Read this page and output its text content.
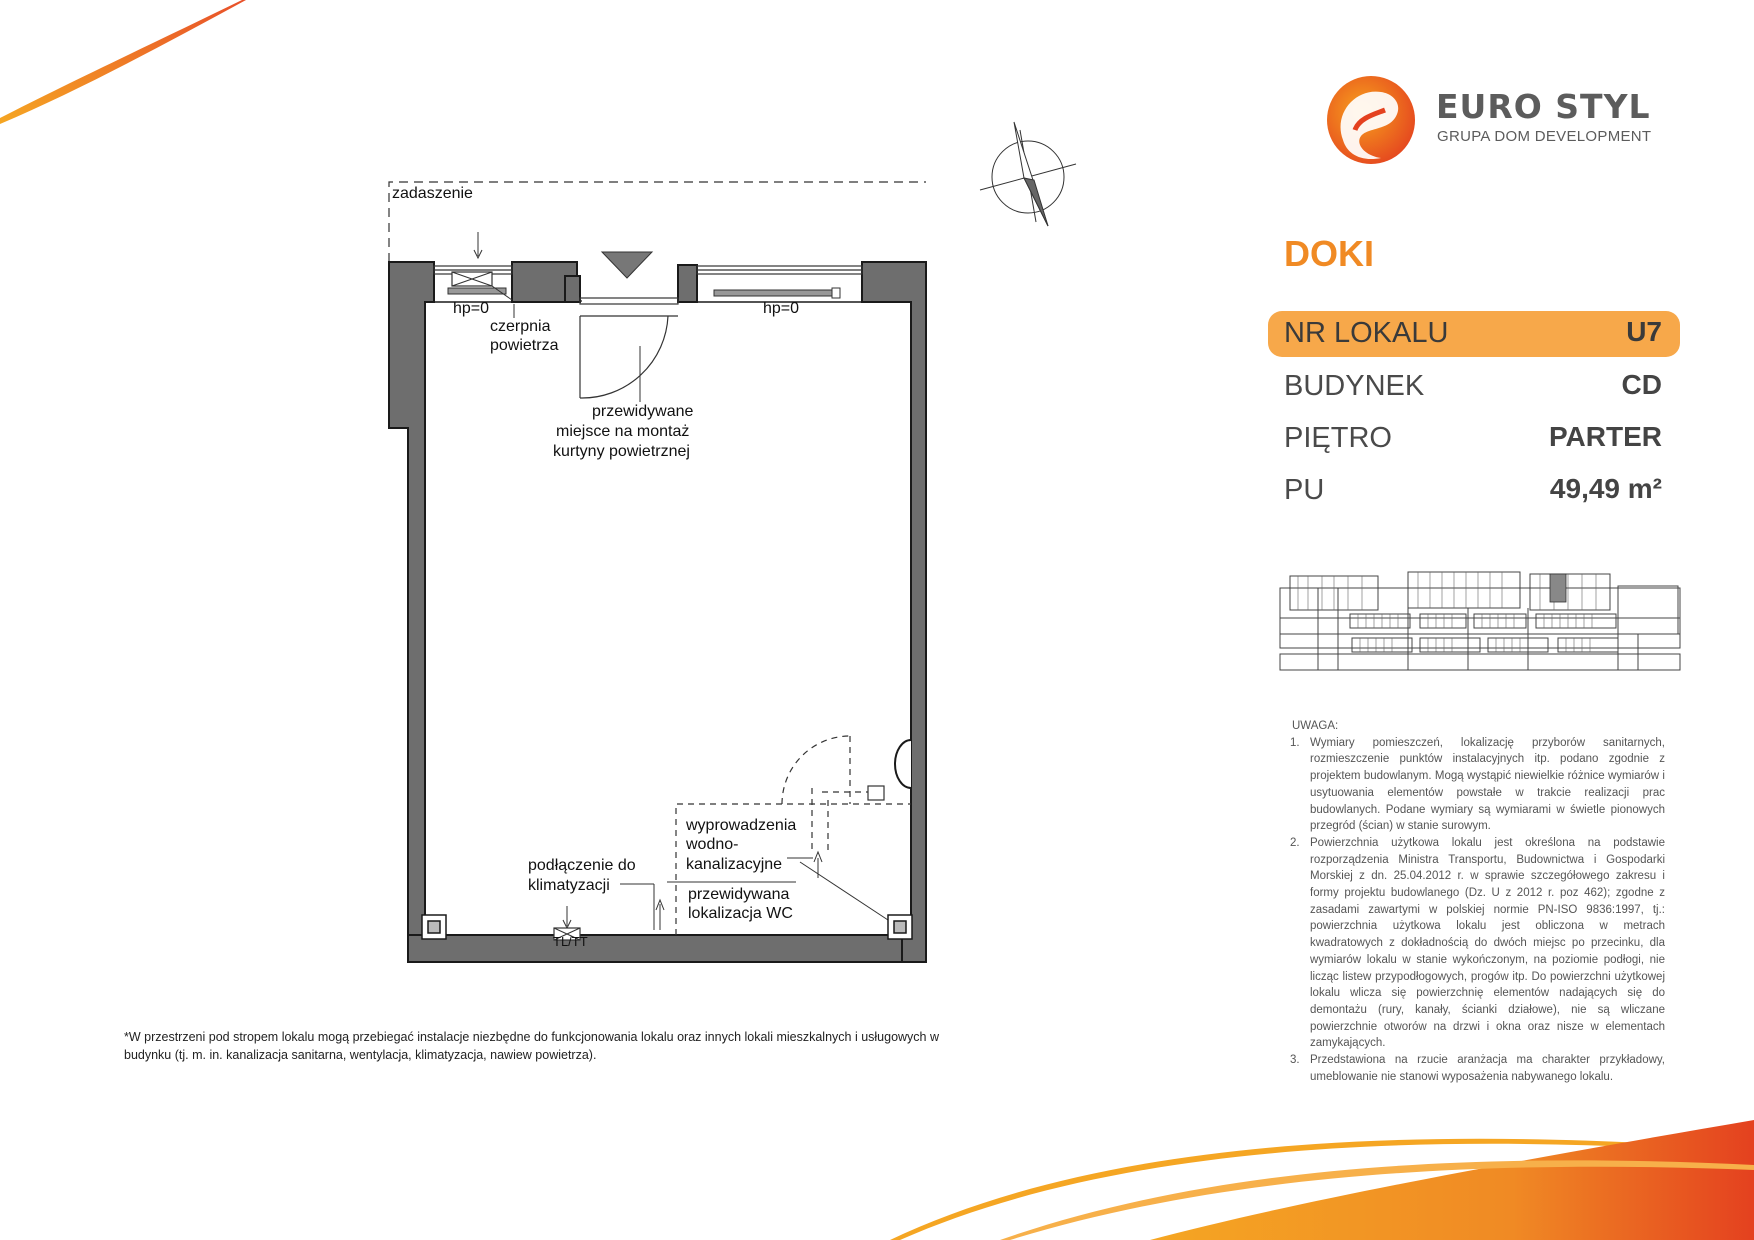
zadaszenie
hp=0	hp=0
czerpnia
powietrza
przewidywane
miejsce na montaż
kurtyny powietrznej
wyprowadzenia
wodno-
kanalizacyjne
podłączenie do
klimatyzacji
przewidywana
lokalizacja WC
TL/TT
EURO STYL
GRUPA DOM DEVELOPMENT
DOKI
NR LOKALU	U7
BUDYNEK	CD
PIĘTRO	PARTER
PU	49,49 m²
UWAGA:
1. Wymiary pomieszczeń, lokalizację przyborów sanitarnych, rozmieszczenie punktów instalacyjnych itp. podano zgodnie z projektem budowlanym. Mogą wystąpić niewielkie różnice wymiarów i usytuowania elementów powstałe w trakcie realizacji prac budowlanych. Podane wymiary są wymiarami w świetle pionowych przegród (ścian) w stanie surowym.
2. Powierzchnia użytkowa lokalu jest określona na podstawie rozporządzenia Ministra Transportu, Budownictwa i Gospodarki Morskiej z dn. 25.04.2012 r. w sprawie szczegółowego zakresu i formy projektu budowlanego (Dz. U z 2012 r. poz 462); zgodne z zasadami zawartymi w polskiej normie PN-ISO 9836:1997, tj.: powierzchnia użytkowa lokalu jest obliczona w metrach kwadratowych z dokładnością do dwóch miejsc po przecinku, dla wymiarów lokalu w stanie wykończonym, na poziomie podłogi, nie licząc listew przypodłogowych, progów itp. Do powierzchni użytkowej lokalu wlicza się powierzchnię elementów nadających się do demontażu (rury, kanały, ścianki działowe), nie są wliczane powierzchnie otworów na drzwi i okna oraz nisze w elementach zamykających.
3. Przedstawiona na rzucie aranżacja ma charakter przykładowy, umeblowanie nie stanowi wyposażenia nabywanego lokalu.
*W przestrzeni pod stropem lokalu mogą przebiegać instalacje niezbędne do funkcjonowania lokalu oraz innych lokali mieszkalnych i usługowych w budynku (tj. m. in. kanalizacja sanitarna, wentylacja, klimatyzacja, nawiew powietrza).
